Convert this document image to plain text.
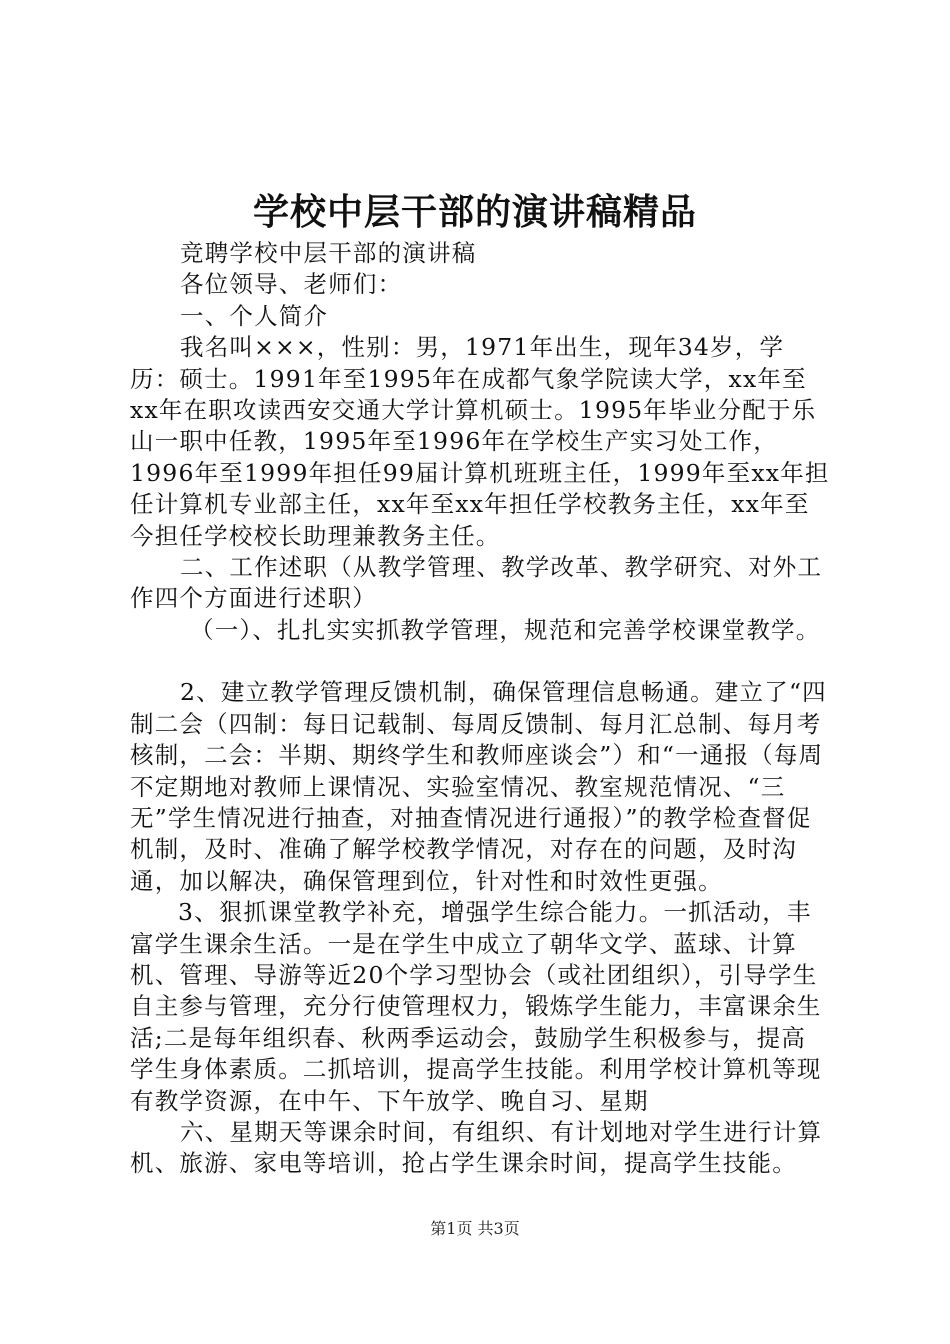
学校中层干部的演讲稿精品

竞聘学校中层干部的演讲稿

各位领导、老师们：

一、个人简介

我名叫×××，性别：男，1971年出生，现年34岁，学历：硕士。1991年至1995年在成都气象学院读大学，xx年至xx年在职攻读西安交通大学计算机硕士。1995年毕业分配于乐山一职中任教，1995年至1996年在学校生产实习处工作，1996年至1999年担任99届计算机班班主任，1999年至xx年担任计算机专业部主任，xx年至xx年担任学校教务主任，xx年至今担任学校校长助理兼教务主任。

二、工作述职（从教学管理、教学改革、教学研究、对外工作四个方面进行述职）

（一）、扎扎实实抓教学管理，规范和完善学校课堂教学。

2、建立教学管理反馈机制，确保管理信息畅通。建立了“四制二会（四制：每日记载制、每周反馈制、每月汇总制、每月考核制，二会：半期、期终学生和教师座谈会”）和“一通报（每周不定期地对教师上课情况、实验室情况、教室规范情况、“三无”学生情况进行抽查，对抽查情况进行通报）”的教学检查督促机制，及时、准确了解学校教学情况，对存在的问题，及时沟通，加以解决，确保管理到位，针对性和时效性更强。

3、狠抓课堂教学补充，增强学生综合能力。一抓活动，丰富学生课余生活。一是在学生中成立了朝华文学、蓝球、计算机、管理、导游等近20个学习型协会（或社团组织），引导学生自主参与管理，充分行使管理权力，锻炼学生能力，丰富课余生活;二是每年组织春、秋两季运动会，鼓励学生积极参与，提高学生身体素质。二抓培训，提高学生技能。利用学校计算机等现有教学资源，在中午、下午放学、晚自习、星期

六、星期天等课余时间，有组织、有计划地对学生进行计算机、旅游、家电等培训，抢占学生课余时间，提高学生技能。

第1页 共3页
